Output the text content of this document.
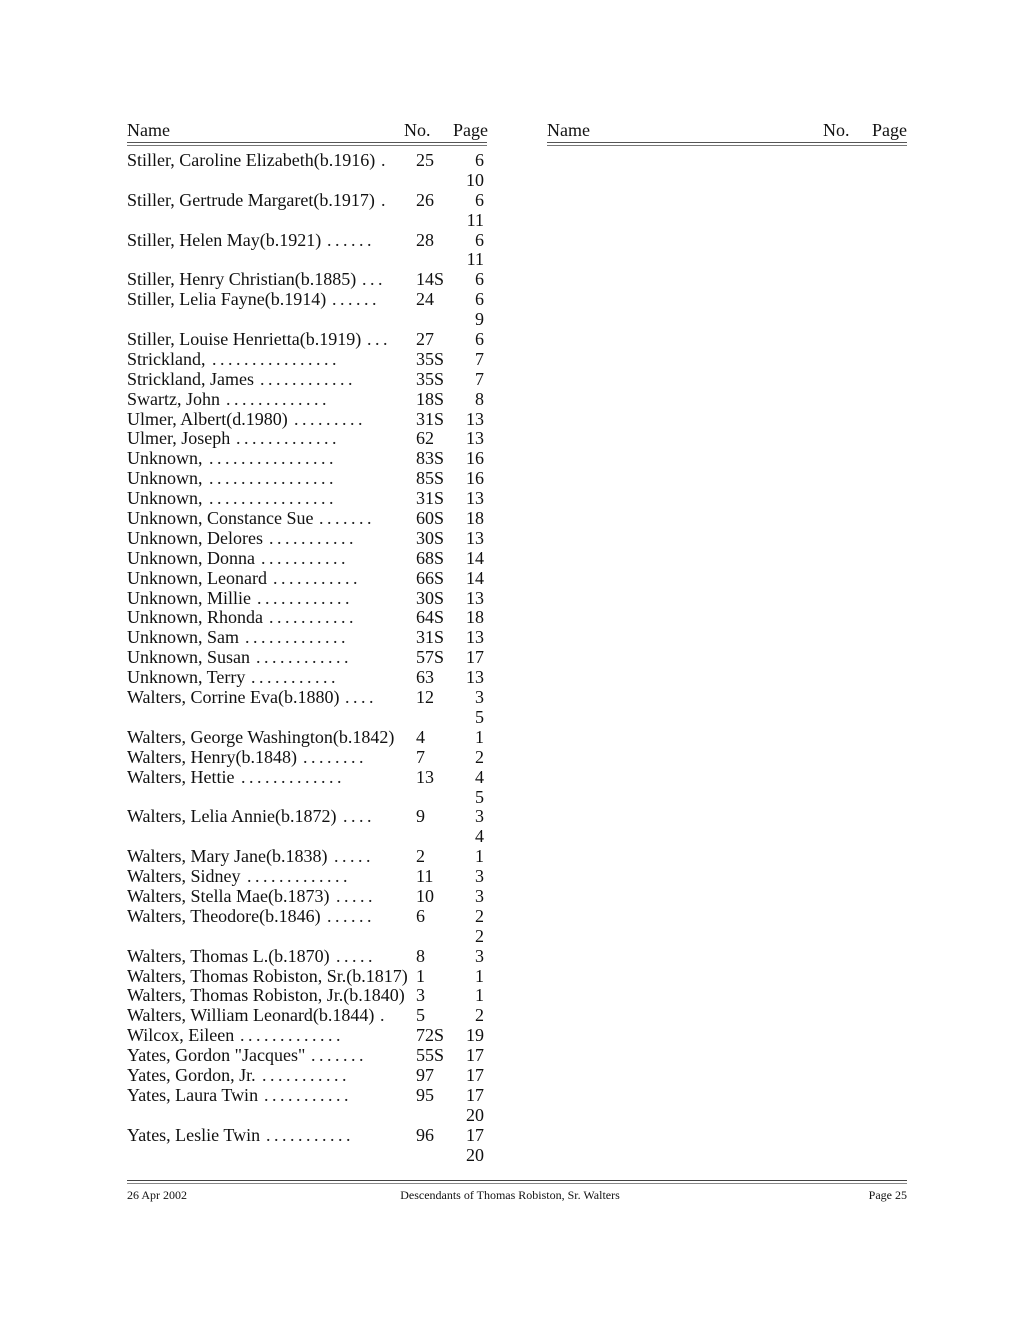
Name	No. Page	Name	No. Page
Stiller, Caroline Elizabeth(b.1916) . 25 6
10
Stiller, Gertrude Margaret(b.1917) . 26 6
11
Stiller, Helen May(b.1921) ...... 28 6
11
Stiller, Henry Christian(b.1885) ... 14S 6
Stiller, Lelia Fayne(b.1914) ...... 24 6
9
Stiller, Louise Henrietta(b.1919) ... 27 6
Strickland, ................	35S 7
Strickland, James ............	35S 7
Swartz, John .............	18S 8
Ulmer, Albert(d.1980) .........	31S 13
Ulmer, Joseph .............	62 13
Unknown, ................	83S 16
Unknown, ................	85S 16
Unknown, ................	31S 13
Unknown, Constance Sue ....... 60S 18
Unknown, Delores ...........	30S 13
Unknown, Donna ...........	68S 14
Unknown, Leonard ...........	66S 14
Unknown, Millie ............	30S 13
Unknown, Rhonda ...........	64S 18
Unknown, Sam .............	31S 13
Unknown, Susan ............	57S 17
Unknown, Terry ...........	63 13
Walters, Corrine Eva(b.1880) .... 12 3
5
Walters, George Washington(b.1842) 4	1
Walters, Henry(b.1848) ........	7	2
Walters, Hettie .............	13 4
5
Walters, Lelia Annie(b.1872) .... 9	3
4
Walters, Mary Jane(b.1838) ..... 2	1
Walters, Sidney .............	11 3
Walters, Stella Mae(b.1873) ..... 10 3
Walters, Theodore(b.1846) ...... 6	2
2
Walters, Thomas L.(b.1870) ..... 8	3
Walters, Thomas Robiston, Sr.(b.1817) 1	1
Walters, Thomas Robiston, Jr.(b.1840) 3	1
Walters, William Leonard(b.1844) . 5	2
Wilcox, Eileen .............	72S 19
Yates, Gordon "Jacques" .......	55S 17
Yates, Gordon, Jr. ...........	97 17
Yates, Laura Twin ...........	95 17
20
Yates, Leslie Twin ...........	96 17
20
26 Apr 2002	Descendants of Thomas Robiston, Sr. Walters	Page 25
